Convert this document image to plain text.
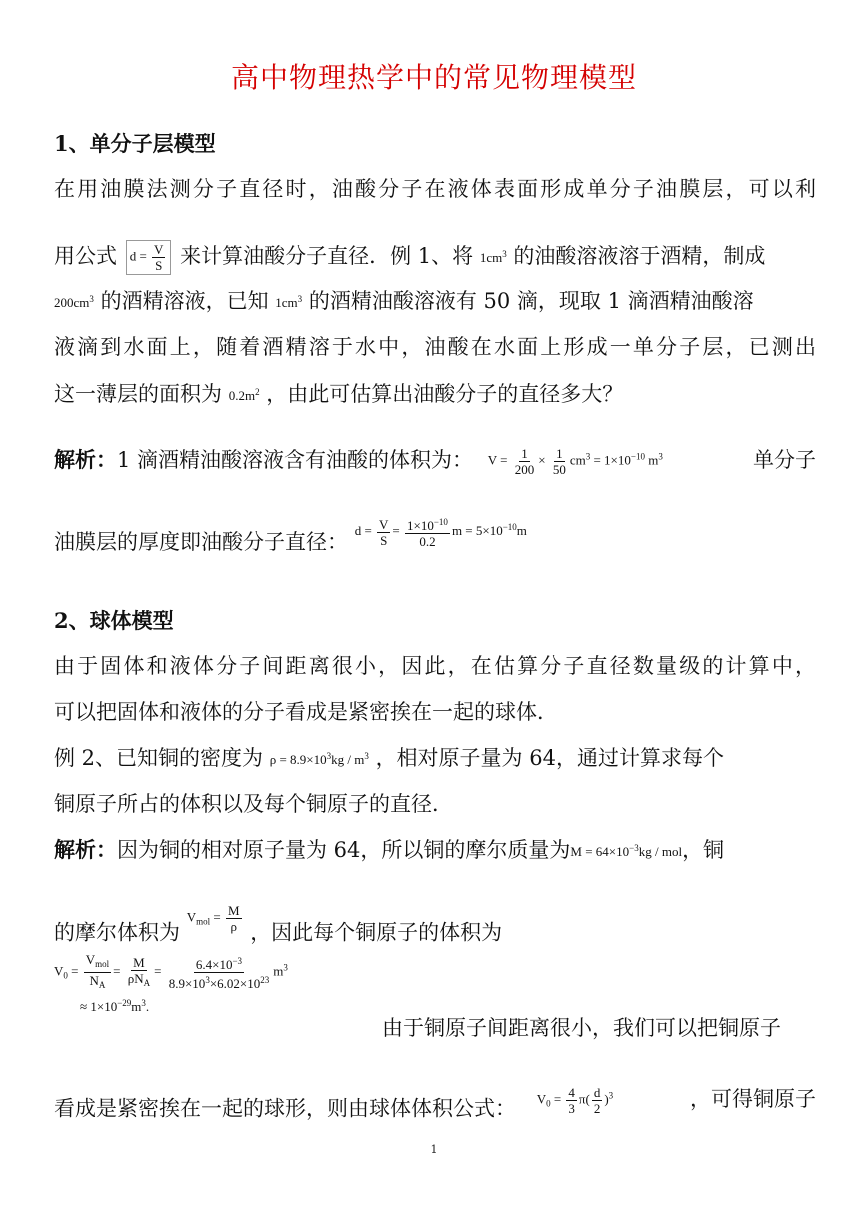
高中物理热学中的常见物理模型
1、单分子层模型
在用油膜法测分子直径时，油酸分子在液体表面形成单分子油膜层，可以利
用公式 $d = \frac{V}{S}$ 来计算油酸分子直径．例 1、将 $1cm^3$ 的油酸溶液溶于酒精，制成
$200cm^3$ 的酒精溶液，已知 $1cm^3$ 的酒精油酸溶液有 50 滴，现取 1 滴酒精油酸溶
液滴到水面上，随着酒精溶于水中，油酸在水面上形成一单分子层，已测出
这一薄层的面积为 $0.2m^2$ ，由此可估算出油酸分子的直径多大？
解析：1 滴酒精油酸溶液含有油酸的体积为： $V = \frac{1}{200} \times \frac{1}{50} cm^3 = 1\times 10^{-10}$ $m^3$	单分子
油膜层的厚度即油酸分子直径： $d = \frac{V}{S} = \frac{1\times 10^{-10}}{0.2}$ $m = 5\times 10^{-10}m$
2、球体模型
由于固体和液体分子间距离很小，因此，在估算分子直径数量级的计算中，
可以把固体和液体的分子看成是紧密挨在一起的球体．
例 2、已知铜的密度为 $\rho = 8.9\times 10^3kg / m^3$ ，相对原子量为 64，通过计算求每个
铜原子所占的体积以及每个铜原子的直径．
解析：因为铜的相对原子量为 64，所以铜的摩尔质量为$M = 64\times 10^{-3}kg$ / mol，铜
的摩尔体积为 $V_{mol} = \frac{M}{\rho}$ ，因此每个铜原子的体积为
$V_0 = \frac{V_{mol}}{N_A} = \frac{M}{\rho N_A} = \frac{6.4\times 10^{-3}}{8.9\times 10^3\times 6.02\times 10^{23}} m^3$
≈ $1\times 10^{-29}m^3$.
由于铜原子间距离很小，我们可以把铜原子
看成是紧密挨在一起的球形，则由球体体积公式： $V_0 = \frac{4}{3} \pi( \frac{d}{2} )^3$	，可得铜原子
1
